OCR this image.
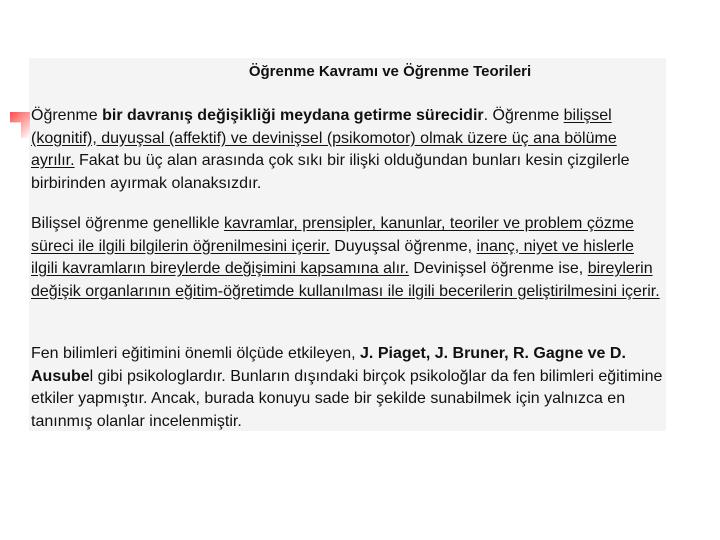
Öğrenme Kavramı ve Öğrenme Teorileri

Öğrenme bir davranış değişikliği meydana getirme sürecidir. Öğrenme bilişsel (kognitif), duyuşsal (affektif) ve devinişsel (psikomotor) olmak üzere üç ana bölüme ayrılır. Fakat bu üç alan arasında çok sıkı bir ilişki olduğundan bunları kesin çizgilerle birbirinden ayırmak olanaksızdır.

Bilişsel öğrenme genellikle kavramlar, prensipler, kanunlar, teoriler ve problem çözme süreci ile ilgili bilgilerin öğrenilmesini içerir. Duyuşsal öğrenme, inanç, niyet ve hislerle ilgili kavramların bireylerde değişimini kapsamına alır. Devinişsel öğrenme ise, bireylerin değişik organlarının eğitim-öğretimde kullanılması ile ilgili becerilerin geliştirilmesini içerir.

Fen bilimleri eğitimini önemli ölçüde etkileyen, J. Piaget, J. Bruner, R. Gagne ve D. Ausubel gibi psikologlardır. Bunların dışındaki birçok psikoloğlar da fen bilimleri eğitimine etkiler yapmıştır. Ancak, burada konuyu sade bir şekilde sunabilmek için yalnızca en tanınmış olanlar incelenmiştir.
